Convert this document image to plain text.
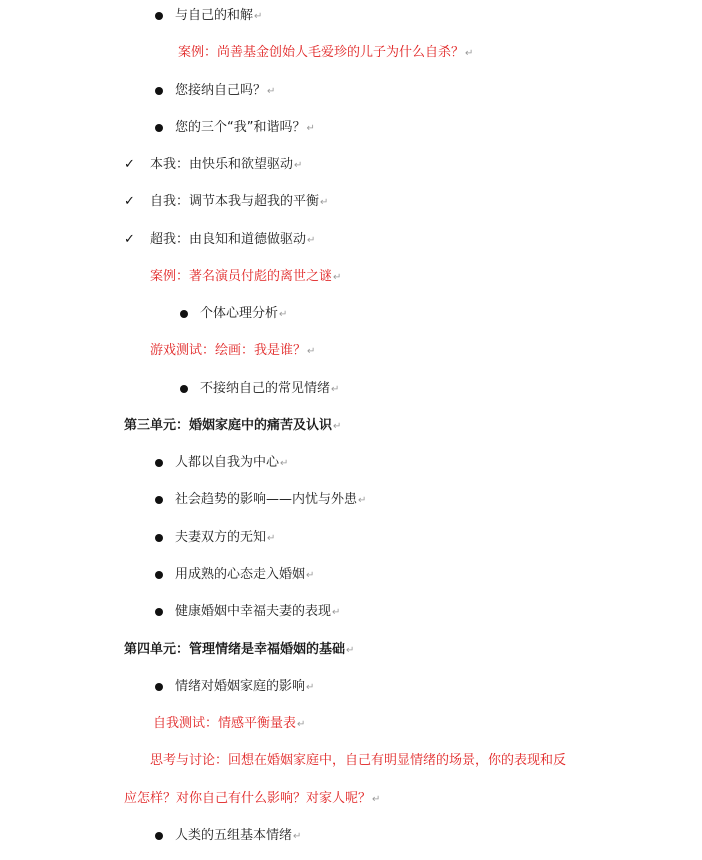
与自己的和解↵
案例：尚善基金创始人毛爱珍的儿子为什么自杀？↵
您接纳自己吗？↵
您的三个“我”和谐吗？↵
✓ 本我：由快乐和欲望驱动↵
✓ 自我：调节本我与超我的平衡↵
✓ 超我：由良知和道德做驱动↵
案例：著名演员付彪的离世之谜↵
个体心理分析↵
游戏测试：绘画：我是谁？↵
不接纳自己的常见情绪↵
第三单元：婚姻家庭中的痛苦及认识↵
人都以自我为中心↵
社会趋势的影响——内忧与外患↵
夫妻双方的无知↵
用成熟的心态走入婚姻↵
健康婚姻中幸福夫妻的表现↵
第四单元：管理情绪是幸福婚姻的基础↵
情绪对婚姻家庭的影响↵
自我测试：情感平衡量表↵
思考与讨论：回想在婚姻家庭中，自己有明显情绪的场景，你的表现和反
应怎样？对你自己有什么影响？对家人呢？↵
人类的五组基本情绪↵
